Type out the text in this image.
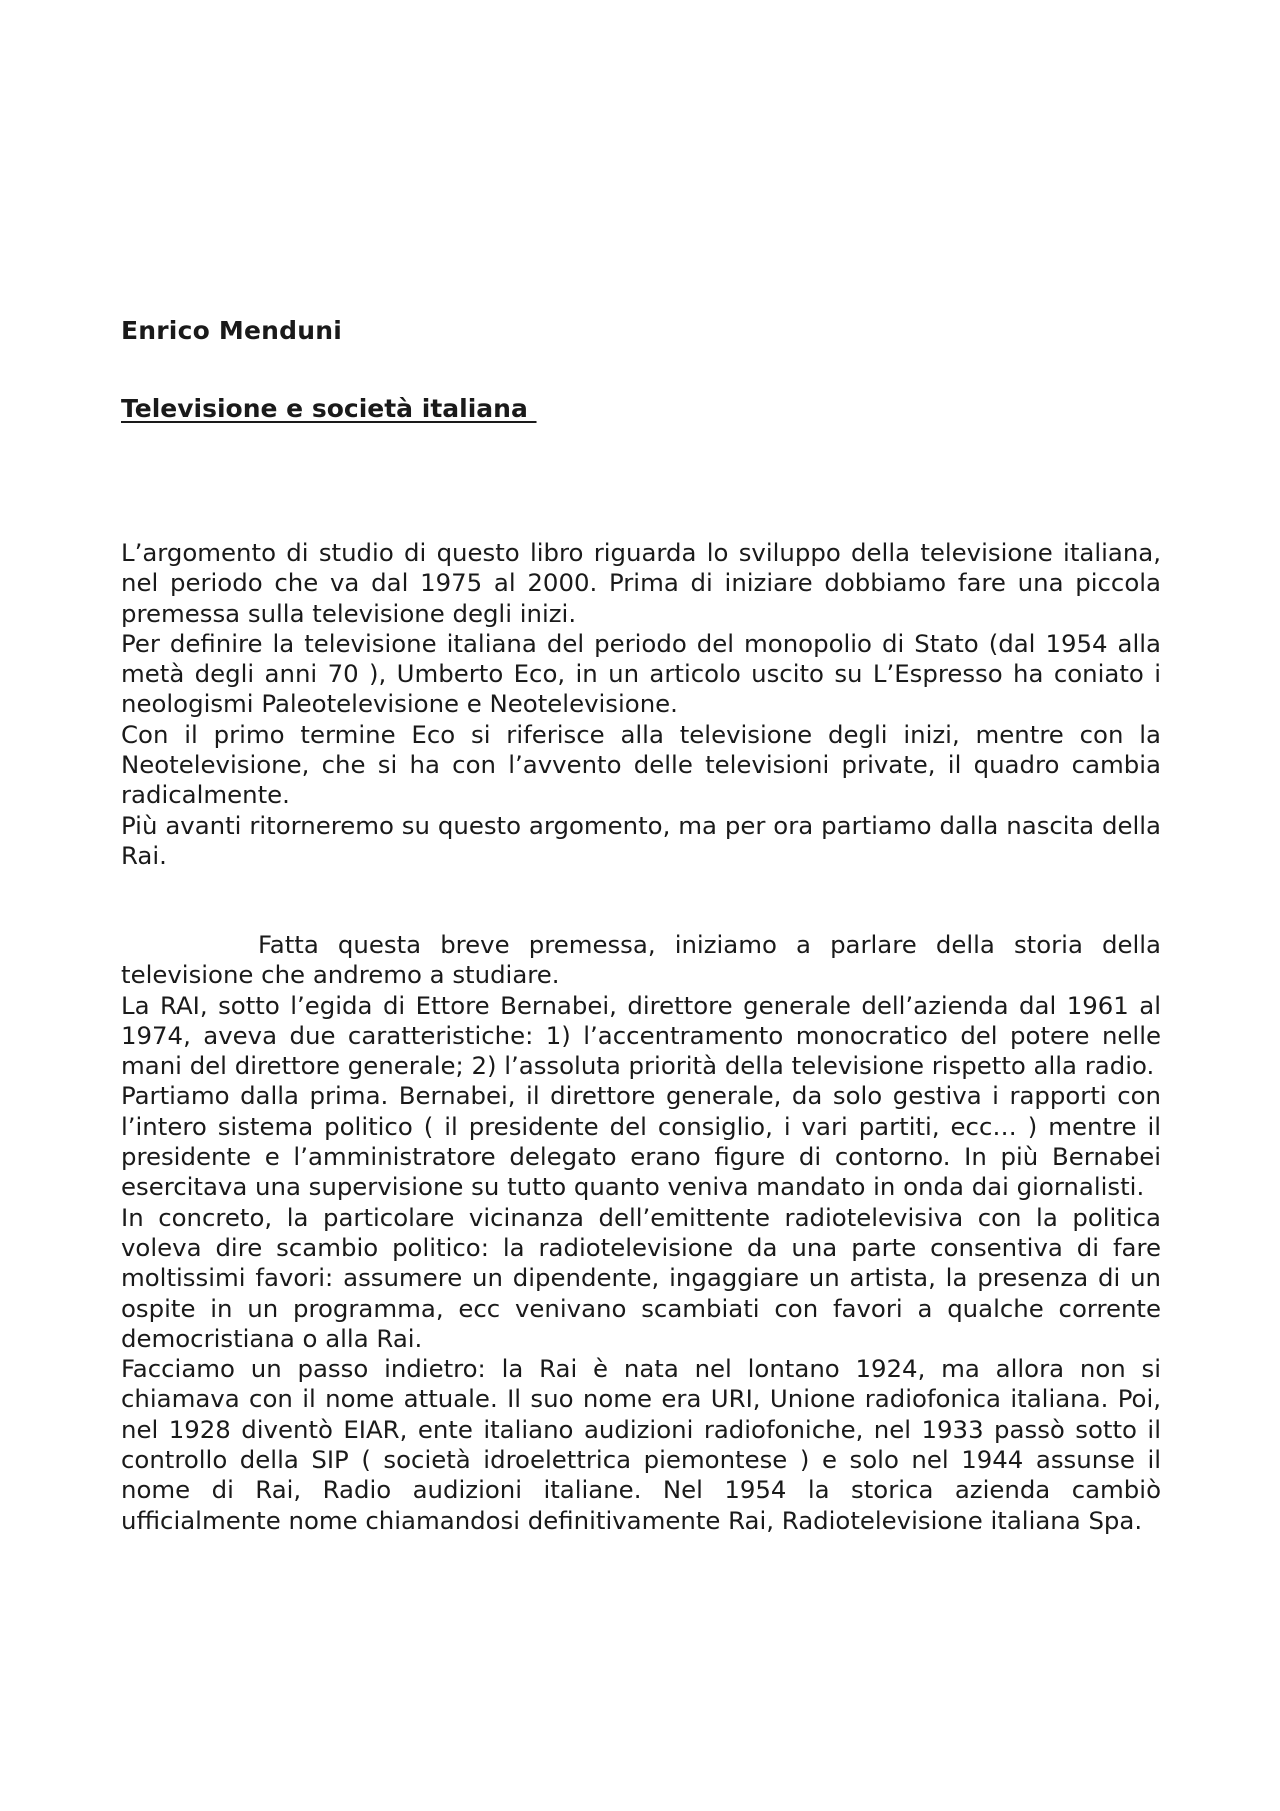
Enrico Menduni
Televisione e società italiana

L’argomento di studio di questo libro riguarda lo sviluppo della televisione italiana, nel periodo che va dal 1975 al 2000. Prima di iniziare dobbiamo fare una piccola premessa sulla televisione degli inizi.

Per definire la televisione italiana del periodo del monopolio di Stato (dal 1954 alla metà degli anni 70 ), Umberto Eco, in un articolo uscito su L’Espresso ha coniato i neologismi Paleotelevisione e Neotelevisione.

Con il primo termine Eco si riferisce alla televisione degli inizi, mentre con la Neotelevisione, che si ha con l’avvento delle televisioni private, il quadro cambia radicalmente.

Più avanti ritorneremo su questo argomento, ma per ora partiamo dalla nascita della Rai.

Fatta questa breve premessa, iniziamo a parlare della storia della televisione che andremo a studiare.

La RAI, sotto l’egida di Ettore Bernabei, direttore generale dell’azienda dal 1961 al 1974, aveva due caratteristiche: 1) l’accentramento monocratico del potere nelle mani del direttore generale; 2) l’assoluta priorità della televisione rispetto alla radio.

Partiamo dalla prima. Bernabei, il direttore generale, da solo gestiva i rapporti con l’intero sistema politico ( il presidente del consiglio, i vari partiti, ecc… ) mentre il presidente e l’amministratore delegato erano figure di contorno. In più Bernabei esercitava una supervisione su tutto quanto veniva mandato in onda dai giornalisti.

In concreto, la particolare vicinanza dell’emittente radiotelevisiva con la politica voleva dire scambio politico: la radiotelevisione da una parte consentiva di fare moltissimi favori: assumere un dipendente, ingaggiare un artista, la presenza di un ospite in un programma, ecc venivano scambiati con favori a qualche corrente democristiana o alla Rai.

Facciamo un passo indietro: la Rai è nata nel lontano 1924, ma allora non si chiamava con il nome attuale. Il suo nome era URI, Unione radiofonica italiana. Poi, nel 1928 diventò EIAR, ente italiano audizioni radiofoniche, nel 1933 passò sotto il controllo della SIP ( società idroelettrica piemontese ) e solo nel 1944 assunse il nome di Rai, Radio audizioni italiane. Nel 1954 la storica azienda cambiò ufficialmente nome chiamandosi definitivamente Rai, Radiotelevisione italiana Spa.
